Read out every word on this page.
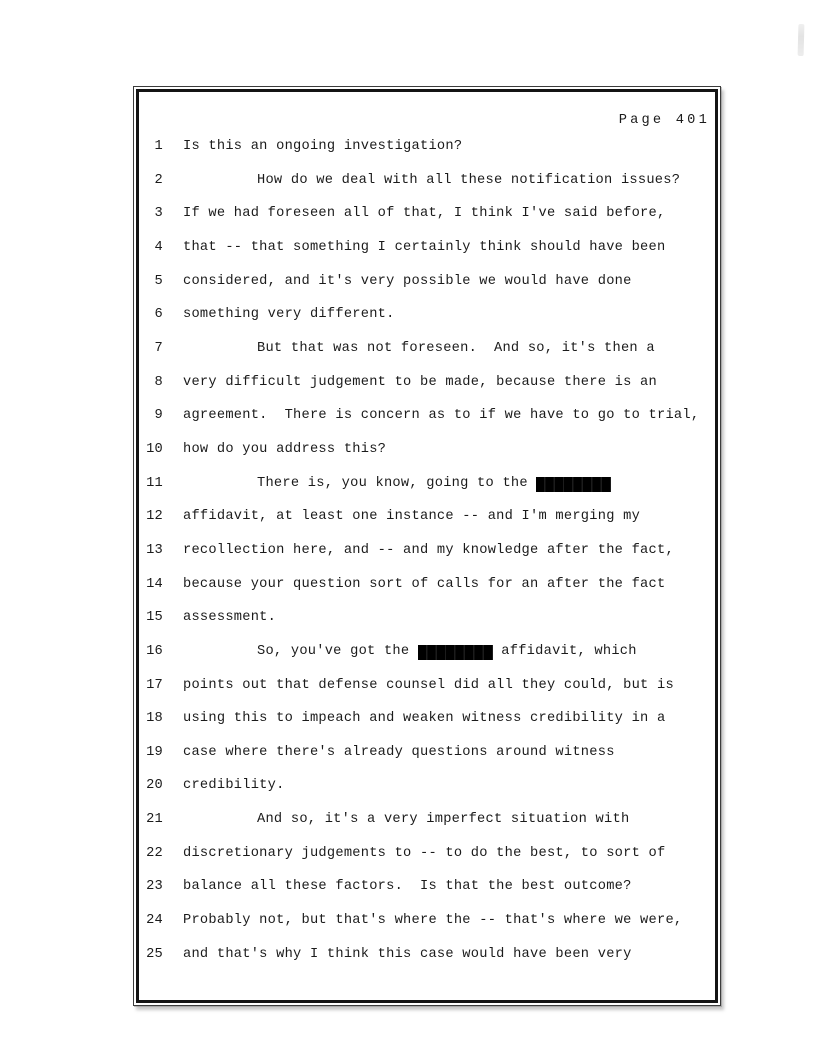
Page 401
1 Is this an ongoing investigation?
2	How do we deal with all these notification issues?
3 If we had foreseen all of that, I think I've said before,
4 that -- that something I certainly think should have been
5 considered, and it's very possible we would have done
6 something very different.
7	But that was not foreseen.  And so, it's then a
8 very difficult judgement to be made, because there is an
9 agreement.  There is concern as to if we have to go to trial,
10 how do you address this?
11	There is, you know, going to the
12 affidavit, at least one instance -- and I'm merging my
13 recollection here, and -- and my knowledge after the fact,
14 because your question sort of calls for an after the fact
15 assessment.
16	So, you've got the	affidavit, which
17 points out that defense counsel did all they could, but is
18 using this to impeach and weaken witness credibility in a
19 case where there's already questions around witness
20 credibility.
21	And so, it's a very imperfect situation with
22 discretionary judgements to -- to do the best, to sort of
23 balance all these factors.  Is that the best outcome?
24 Probably not, but that's where the -- that's where we were,
25 and that's why I think this case would have been very
